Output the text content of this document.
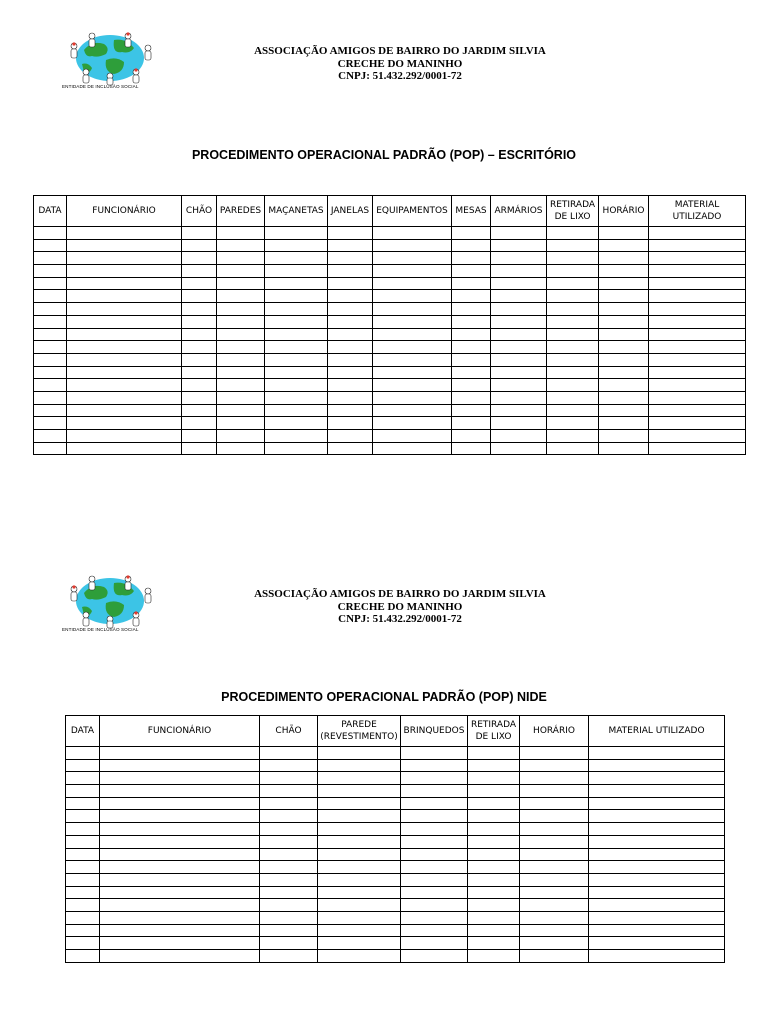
ENTIDADE DE INCLUSÃO SOCIAL
ASSOCIAÇÃO AMIGOS DE BAIRRO DO JARDIM SILVIA
CRECHE DO MANINHO
CNPJ: 51.432.292/0001-72
PROCEDIMENTO OPERACIONAL PADRÃO (POP) – ESCRITÓRIO
DATA	FUNCIONÁRIO	CHÃO	PAREDES	MAÇANETAS	JANELAS	EQUIPAMENTOS	MESAS	ARMÁRIOS	RETIRADA DE LIXO	HORÁRIO	MATERIAL UTILIZADO

ENTIDADE DE INCLUSÃO SOCIAL
ASSOCIAÇÃO AMIGOS DE BAIRRO DO JARDIM SILVIA
CRECHE DO MANINHO
CNPJ: 51.432.292/0001-72
PROCEDIMENTO OPERACIONAL PADRÃO (POP) NIDE
DATA	FUNCIONÁRIO	CHÃO	PAREDE (REVESTIMENTO)	BRINQUEDOS	RETIRADA DE LIXO	HORÁRIO	MATERIAL UTILIZADO
